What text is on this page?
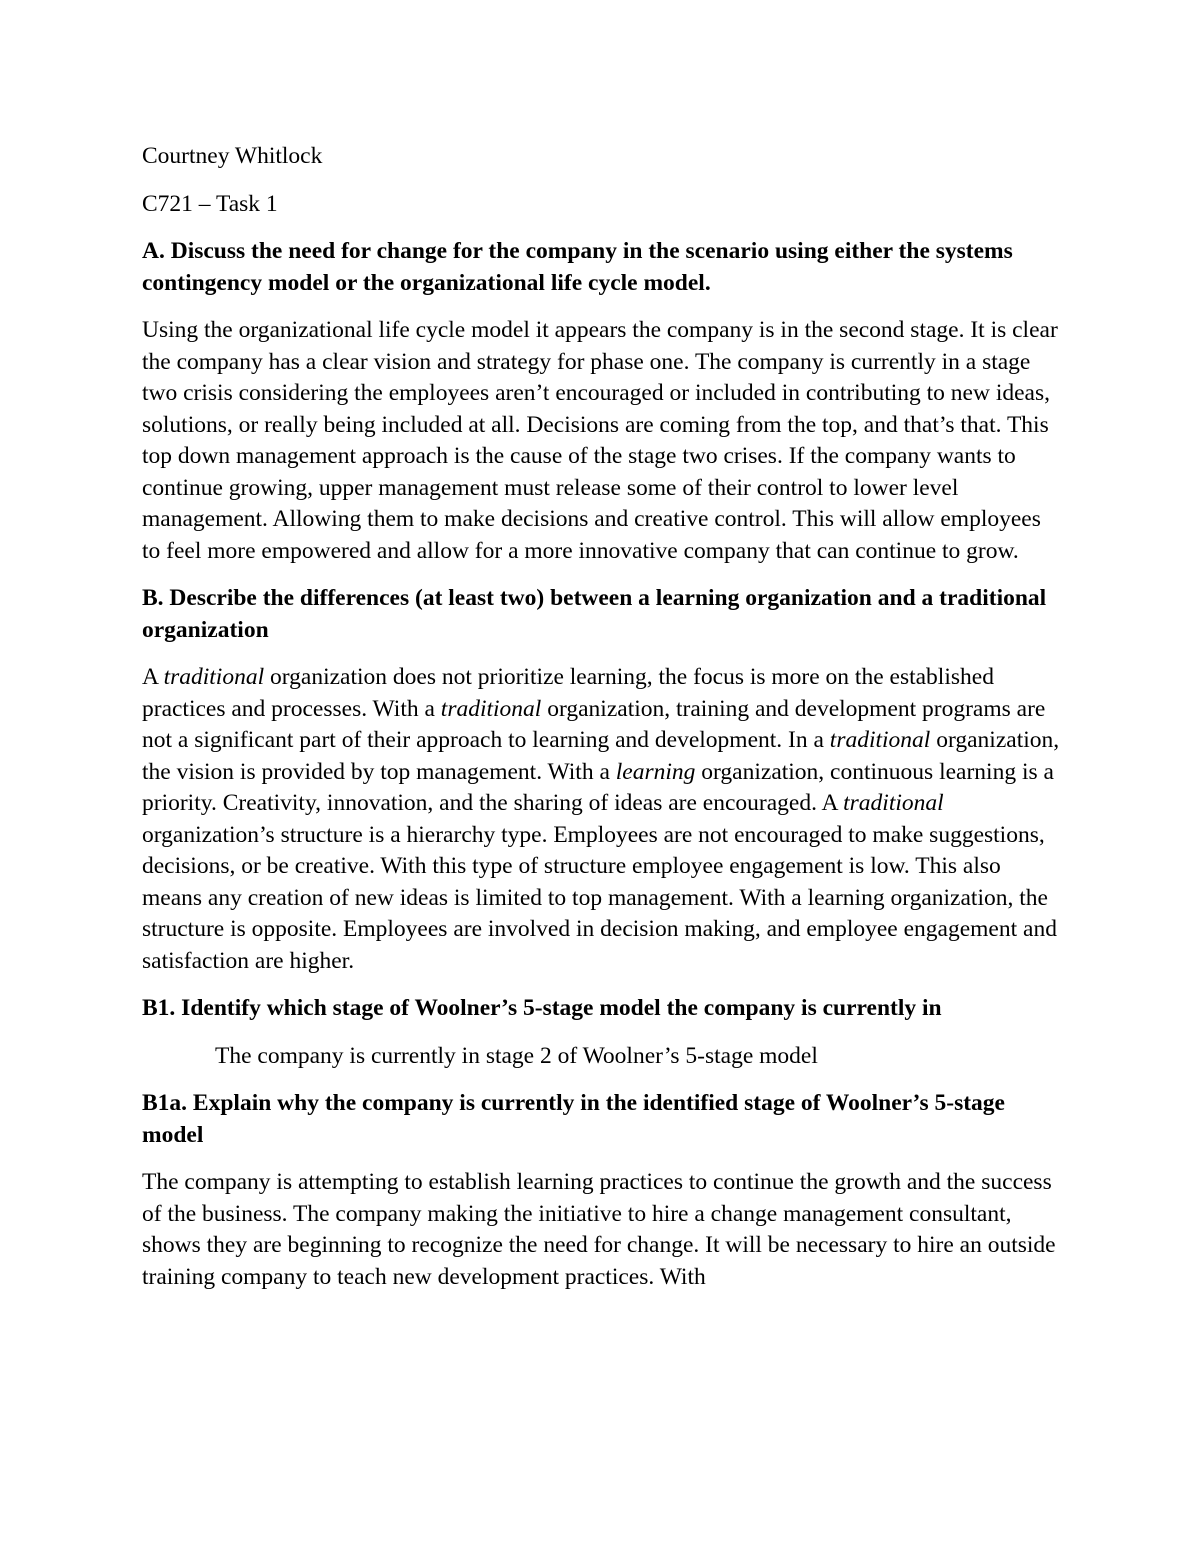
Courtney Whitlock

C721 – Task 1

A. Discuss the need for change for the company in the scenario using either the systems contingency model or the organizational life cycle model.

Using the organizational life cycle model it appears the company is in the second stage. It is clear the company has a clear vision and strategy for phase one. The company is currently in a stage two crisis considering the employees aren’t encouraged or included in contributing to new ideas, solutions, or really being included at all. Decisions are coming from the top, and that’s that. This top down management approach is the cause of the stage two crises. If the company wants to continue growing, upper management must release some of their control to lower level management. Allowing them to make decisions and creative control. This will allow employees to feel more empowered and allow for a more innovative company that can continue to grow.

B. Describe the differences (at least two) between a learning organization and a traditional organization

A traditional organization does not prioritize learning, the focus is more on the established practices and processes. With a traditional organization, training and development programs are not a significant part of their approach to learning and development. In a traditional organization, the vision is provided by top management. With a learning organization, continuous learning is a priority. Creativity, innovation, and the sharing of ideas are encouraged. A traditional organization’s structure is a hierarchy type. Employees are not encouraged to make suggestions, decisions, or be creative. With this type of structure employee engagement is low. This also means any creation of new ideas is limited to top management. With a learning organization, the structure is opposite. Employees are involved in decision making, and employee engagement and satisfaction are higher.

B1. Identify which stage of Woolner’s 5-stage model the company is currently in

The company is currently in stage 2 of Woolner’s 5-stage model

B1a. Explain why the company is currently in the identified stage of Woolner’s 5-stage model

The company is attempting to establish learning practices to continue the growth and the success of the business. The company making the initiative to hire a change management consultant, shows they are beginning to recognize the need for change. It will be necessary to hire an outside training company to teach new development practices. With
